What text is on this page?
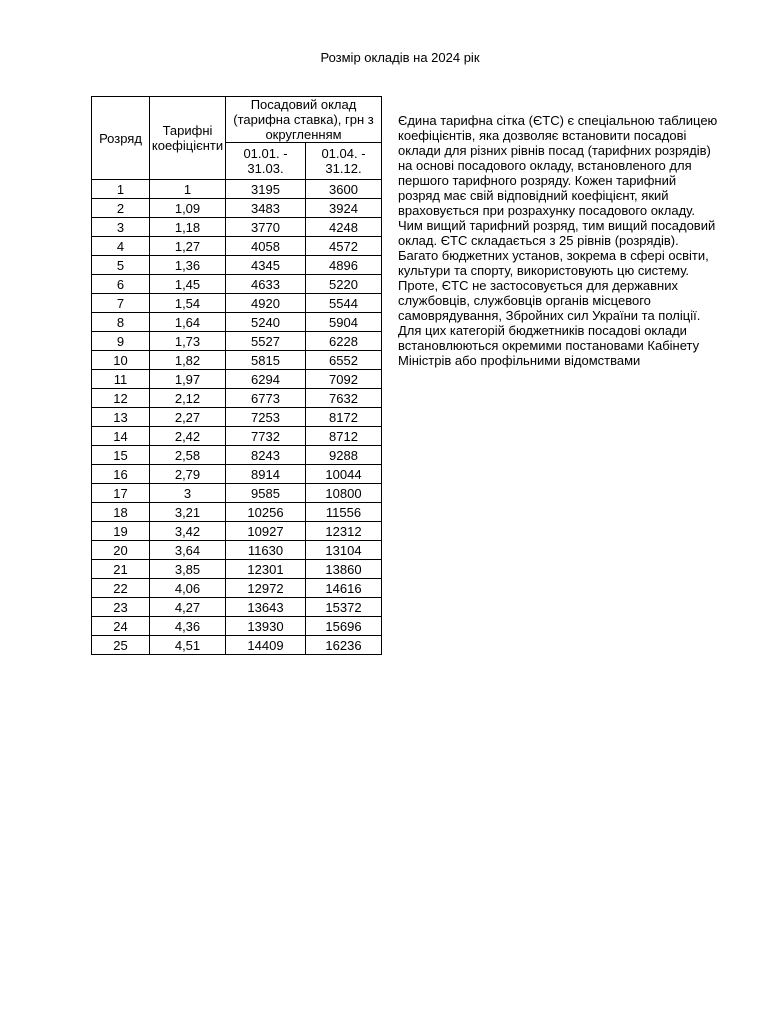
Розмір окладів на 2024 рік
Розряд	Тарифні коефіцієнти	Посадовий оклад (тарифна ставка), грн з округленням	
		01.01. - 31.03.	01.04. - 31.12.
1	1	3195	3600
2	1,09	3483	3924
3	1,18	3770	4248
4	1,27	4058	4572
5	1,36	4345	4896
6	1,45	4633	5220
7	1,54	4920	5544
8	1,64	5240	5904
9	1,73	5527	6228
10	1,82	5815	6552
11	1,97	6294	7092
12	2,12	6773	7632
13	2,27	7253	8172
14	2,42	7732	8712
15	2,58	8243	9288
16	2,79	8914	10044
17	3	9585	10800
18	3,21	10256	11556
19	3,42	10927	12312
20	3,64	11630	13104
21	3,85	12301	13860
22	4,06	12972	14616
23	4,27	13643	15372
24	4,36	13930	15696
25	4,51	14409	16236
Єдина тарифна сітка (ЄТС) є спеціальною таблицею коефіцієнтів, яка дозволяє встановити посадові оклади для різних рівнів посад (тарифних розрядів) на основі посадового окладу, встановленого для першого тарифного розряду. Кожен тарифний розряд має свій відповідний коефіцієнт, який враховується при розрахунку посадового окладу. Чим вищий тарифний розряд, тим вищий посадовий оклад. ЄТС складається з 25 рівнів (розрядів). Багато бюджетних установ, зокрема в сфері освіти, культури та спорту, використовують цю систему. Проте, ЄТС не застосовується для державних службовців, службовців органів місцевого самоврядування, Збройних сил України та поліції. Для цих категорій бюджетників посадові оклади встановлюються окремими постановами Кабінету Міністрів або профільними відомствами
